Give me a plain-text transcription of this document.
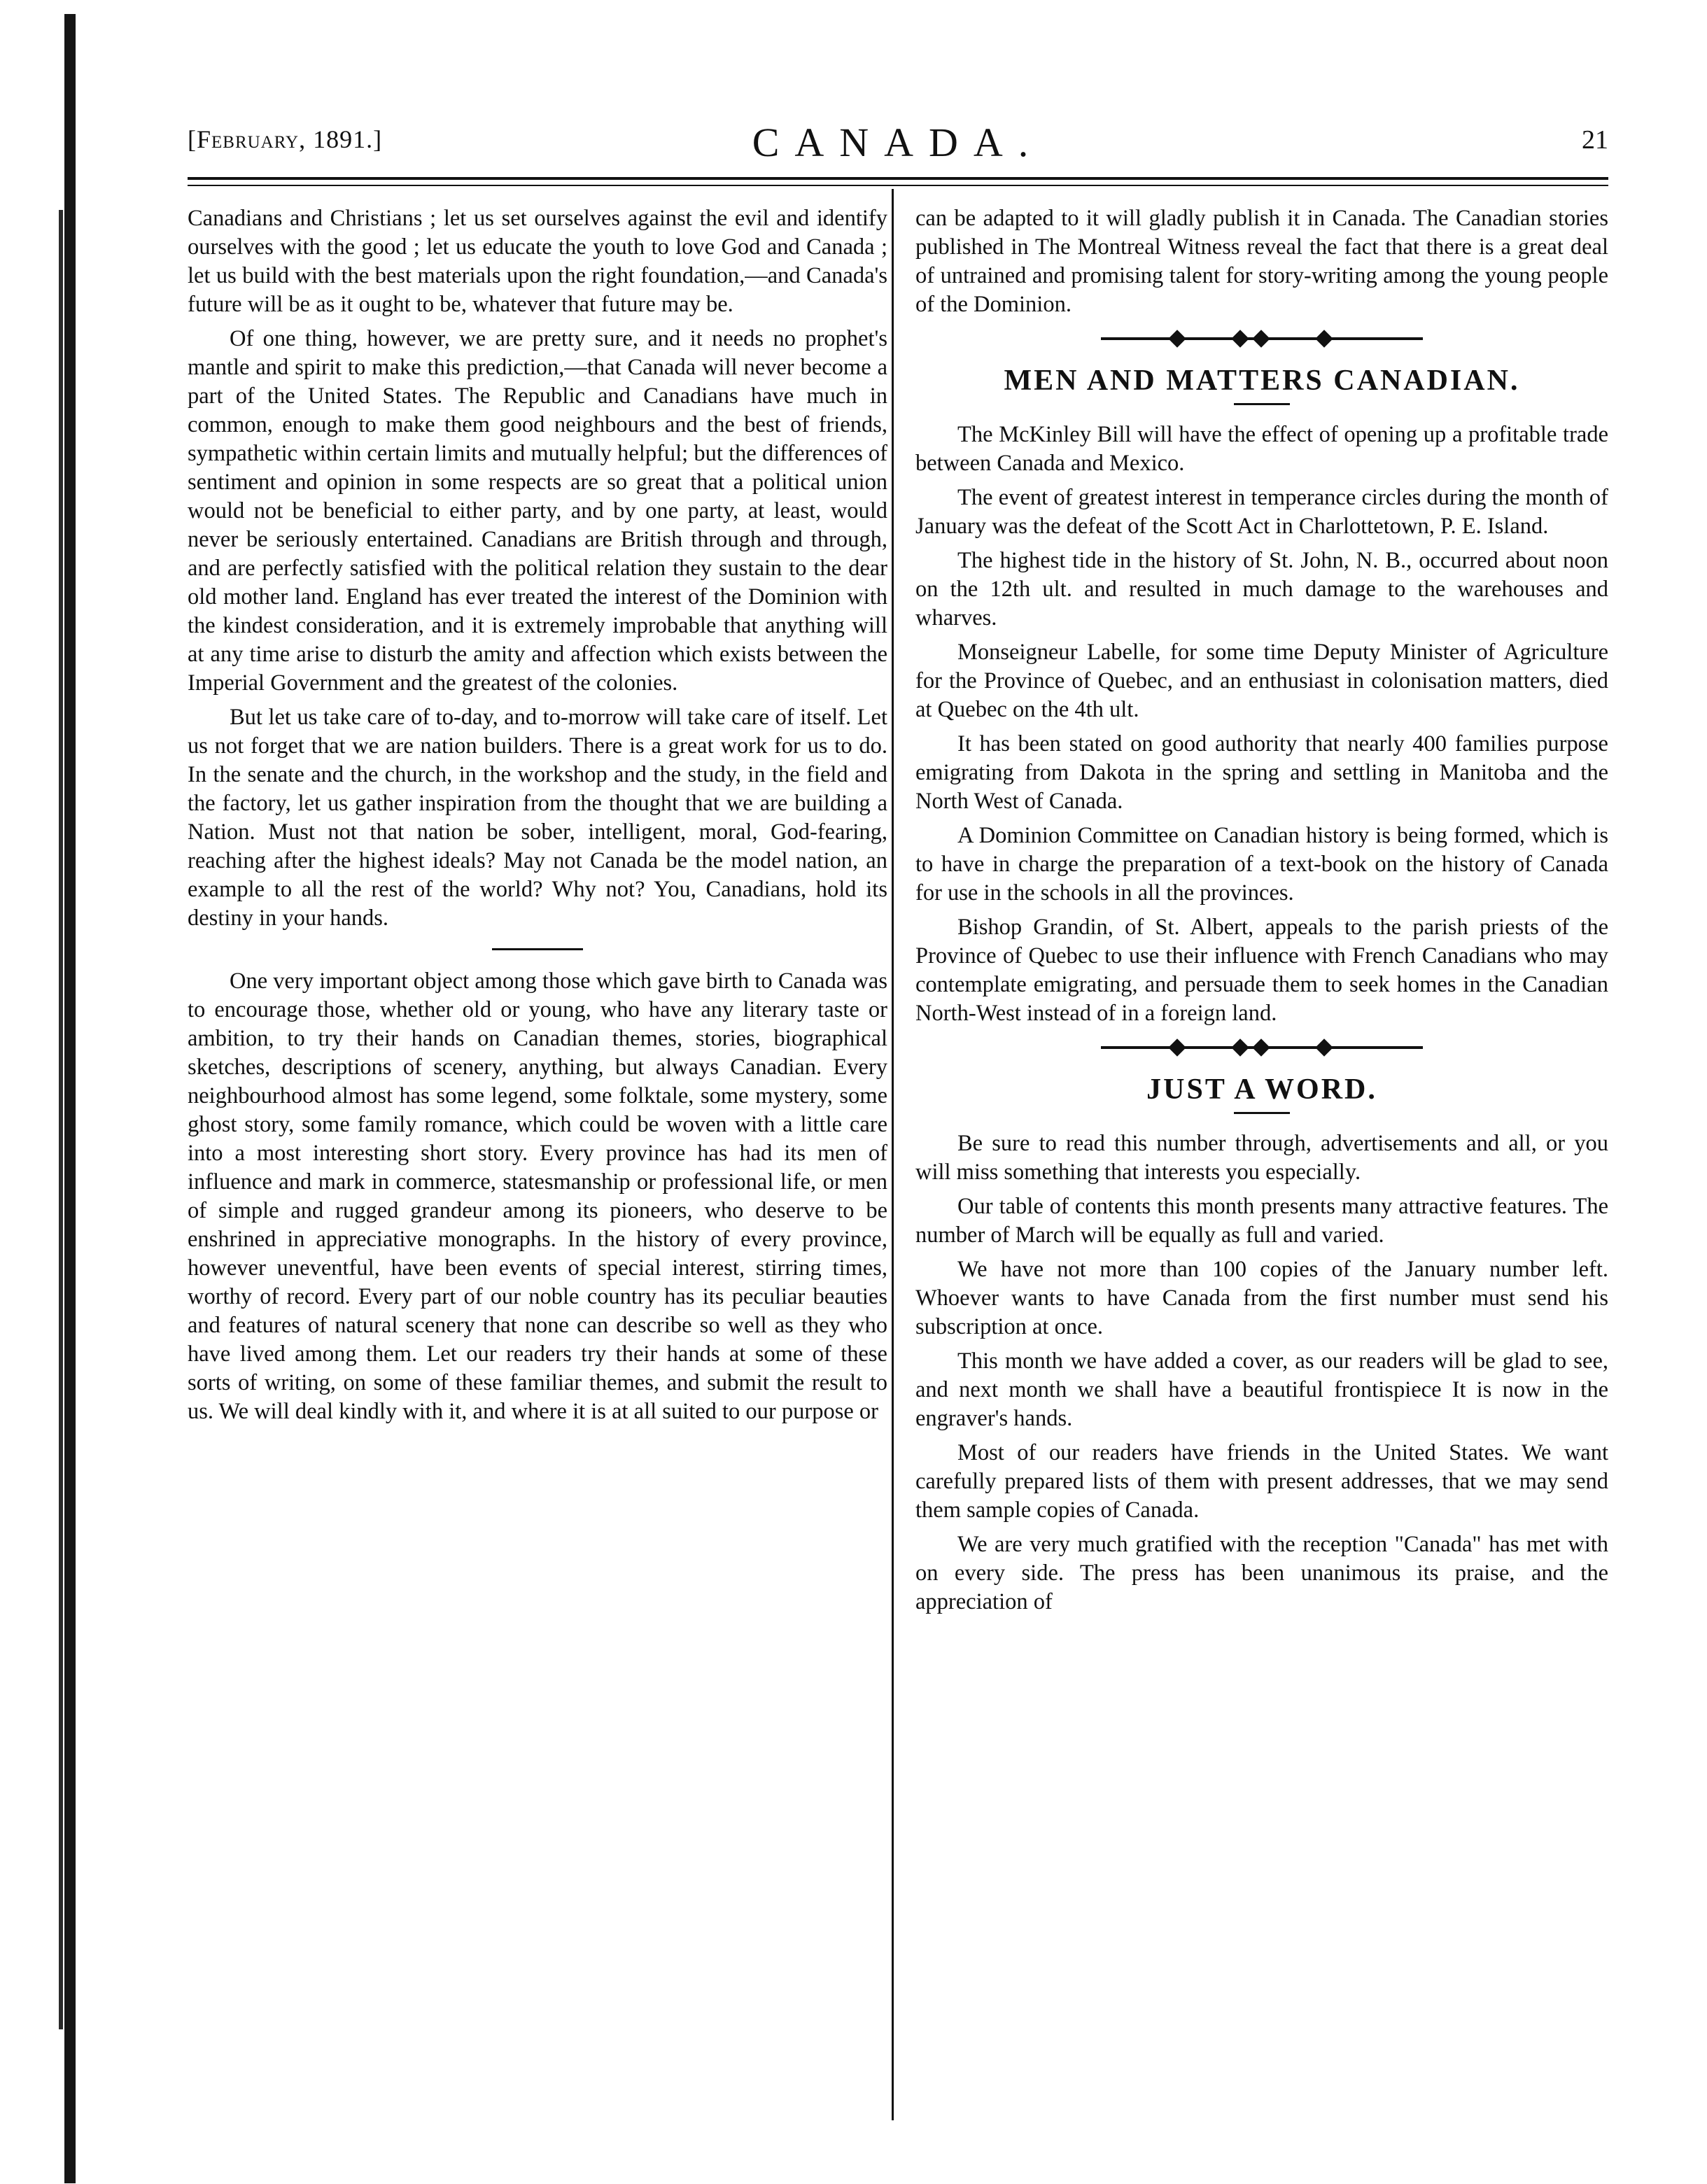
[February, 1891.]	CANADA.	21

Canadians and Christians ; let us set ourselves against the evil and identify ourselves with the good ; let us educate the youth to love God and Canada ; let us build with the best materials upon the right foundation,—and Canada's future will be as it ought to be, whatever that future may be.

Of one thing, however, we are pretty sure, and it needs no prophet's mantle and spirit to make this prediction,—that Canada will never become a part of the United States. The Republic and Canadians have much in common, enough to make them good neighbours and the best of friends, sympathetic within certain limits and mutually helpful; but the differences of sentiment and opinion in some respects are so great that a political union would not be beneficial to either party, and by one party, at least, would never be seriously entertained. Canadians are British through and through, and are perfectly satisfied with the political relation they sustain to the dear old mother land. England has ever treated the interest of the Dominion with the kindest consideration, and it is extremely improbable that anything will at any time arise to disturb the amity and affection which exists between the Imperial Government and the greatest of the colonies.

But let us take care of to-day, and to-morrow will take care of itself. Let us not forget that we are nation builders. There is a great work for us to do. In the senate and the church, in the workshop and the study, in the field and the factory, let us gather inspiration from the thought that we are building a Nation. Must not that nation be sober, intelligent, moral, God-fearing, reaching after the highest ideals? May not Canada be the model nation, an example to all the rest of the world? Why not? You, Canadians, hold its destiny in your hands.

One very important object among those which gave birth to Canada was to encourage those, whether old or young, who have any literary taste or ambition, to try their hands on Canadian themes, stories, biographical sketches, descriptions of scenery, anything, but always Canadian. Every neighbourhood almost has some legend, some folktale, some mystery, some ghost story, some family romance, which could be woven with a little care into a most interesting short story. Every province has had its men of influence and mark in commerce, statesmanship or professional life, or men of simple and rugged grandeur among its pioneers, who deserve to be enshrined in appreciative monographs. In the history of every province, however uneventful, have been events of special interest, stirring times, worthy of record. Every part of our noble country has its peculiar beauties and features of natural scenery that none can describe so well as they who have lived among them. Let our readers try their hands at some of these sorts of writing, on some of these familiar themes, and submit the result to us. We will deal kindly with it, and where it is at all suited to our purpose or

can be adapted to it will gladly publish it in Canada. The Canadian stories published in The Montreal Witness reveal the fact that there is a great deal of untrained and promising talent for story-writing among the young people of the Dominion.

MEN AND MATTERS CANADIAN.

The McKinley Bill will have the effect of opening up a profitable trade between Canada and Mexico.

The event of greatest interest in temperance circles during the month of January was the defeat of the Scott Act in Charlottetown, P. E. Island.

The highest tide in the history of St. John, N. B., occurred about noon on the 12th ult. and resulted in much damage to the warehouses and wharves.

Monseigneur Labelle, for some time Deputy Minister of Agriculture for the Province of Quebec, and an enthusiast in colonisation matters, died at Quebec on the 4th ult.

It has been stated on good authority that nearly 400 families purpose emigrating from Dakota in the spring and settling in Manitoba and the North West of Canada.

A Dominion Committee on Canadian history is being formed, which is to have in charge the preparation of a text-book on the history of Canada for use in the schools in all the provinces.

Bishop Grandin, of St. Albert, appeals to the parish priests of the Province of Quebec to use their influence with French Canadians who may contemplate emigrating, and persuade them to seek homes in the Canadian North-West instead of in a foreign land.

JUST A WORD.

Be sure to read this number through, advertisements and all, or you will miss something that interests you especially.

Our table of contents this month presents many attractive features. The number of March will be equally as full and varied.

We have not more than 100 copies of the January number left. Whoever wants to have Canada from the first number must send his subscription at once.

This month we have added a cover, as our readers will be glad to see, and next month we shall have a beautiful frontispiece It is now in the engraver's hands.

Most of our readers have friends in the United States. We want carefully prepared lists of them with present addresses, that we may send them sample copies of Canada.

We are very much gratified with the reception "Canada" has met with on every side. The press has been unanimous its praise, and the appreciation of
